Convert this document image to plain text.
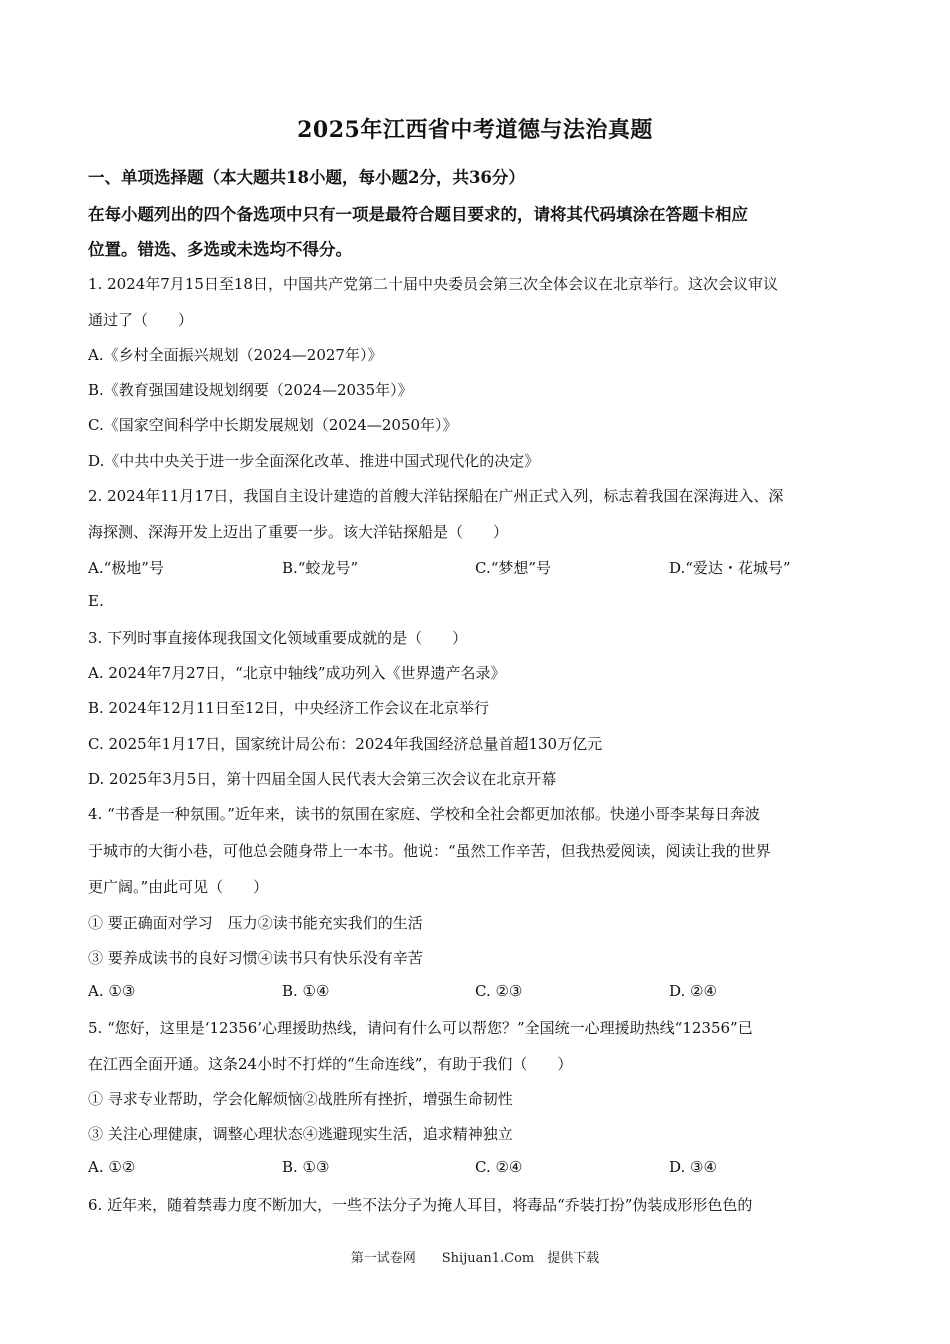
2025年江西省中考道德与法治真题
一、单项选择题（本大题共18小题，每小题2分，共36分）
在每小题列出的四个备选项中只有一项是最符合题目要求的，请将其代码填涂在答题卡相应
位置。错选、多选或未选均不得分。
1. 2024年7月15日至18日，中国共产党第二十届中央委员会第三次全体会议在北京举行。这次会议审议
通过了（　　）
A.《乡村全面振兴规划（2024—2027年）》
B.《教育强国建设规划纲要（2024—2035年）》
C.《国家空间科学中长期发展规划（2024—2050年）》
D.《中共中央关于进一步全面深化改革、推进中国式现代化的决定》
2. 2024年11月17日，我国自主设计建造的首艘大洋钻探船在广州正式入列，标志着我国在深海进入、深
海探测、深海开发上迈出了重要一步。该大洋钻探船是（　　）
A.“极地”号	B.“蛟龙号”	C.“梦想”号	D.“爱达・花城号”
E.
3. 下列时事直接体现我国文化领域重要成就的是（　　）
A. 2024年7月27日，“北京中轴线”成功列入《世界遗产名录》
B. 2024年12月11日至12日，中央经济工作会议在北京举行
C. 2025年1月17日，国家统计局公布：2024年我国经济总量首超130万亿元
D. 2025年3月5日，第十四届全国人民代表大会第三次会议在北京开幕
4. “书香是一种氛围。”近年来，读书的氛围在家庭、学校和全社会都更加浓郁。快递小哥李某每日奔波
于城市的大街小巷，可他总会随身带上一本书。他说：“虽然工作辛苦，但我热爱阅读，阅读让我的世界
更广阔。”由此可见（　　）
① 要正确面对学习　压力②读书能充实我们的生活
③ 要养成读书的良好习惯④读书只有快乐没有辛苦
A. ①③	B. ①④	C. ②③	D. ②④
5. “您好，这里是‘12356’心理援助热线，请问有什么可以帮您？”全国统一心理援助热线“12356”已
在江西全面开通。这条24小时不打烊的“生命连线”，有助于我们（　　）
① 寻求专业帮助，学会化解烦恼②战胜所有挫折，增强生命韧性
③ 关注心理健康，调整心理状态④逃避现实生活，追求精神独立
A. ①②	B. ①③	C. ②④	D. ③④
6. 近年来，随着禁毒力度不断加大，一些不法分子为掩人耳目，将毒品“乔装打扮”伪装成形形色色的
第一试卷网　　Shijuan1.Com　提供下载
